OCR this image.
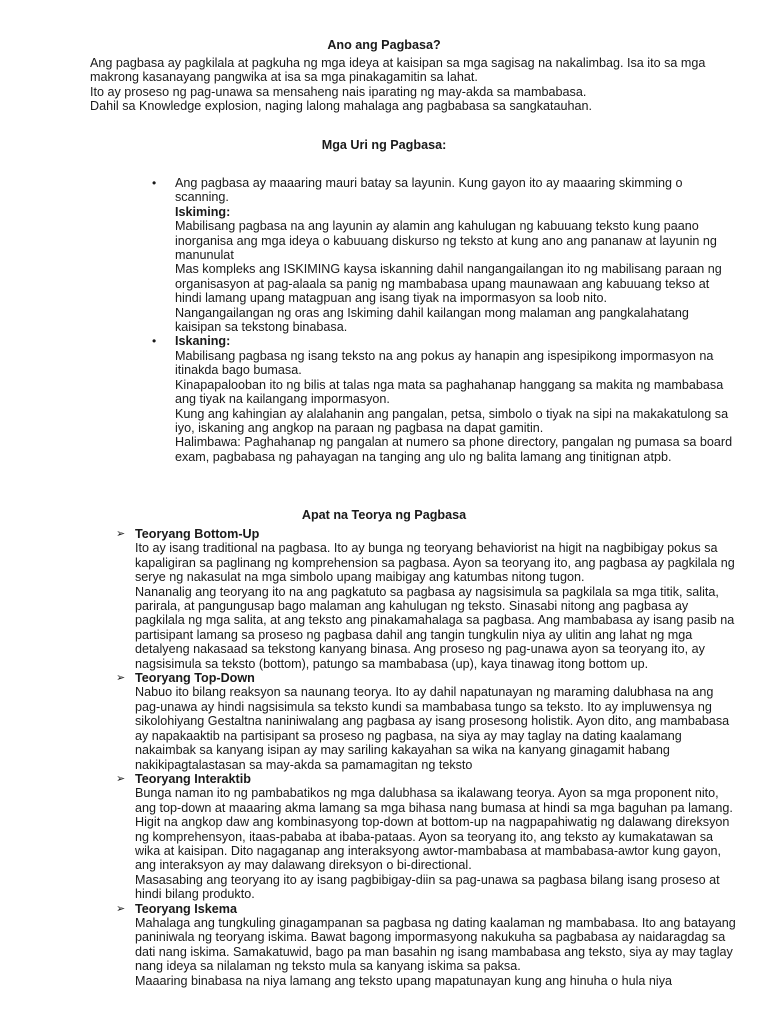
Ano ang Pagbasa?

Ang pagbasa ay pagkilala at pagkuha ng mga ideya at kaisipan sa mga sagisag na nakalimbag. Isa ito sa mga makrong kasanayang pangwika at isa sa mga pinakagamitin sa lahat.

Ito ay proseso ng pag-unawa sa mensaheng nais iparating ng may-akda sa mambabasa.

Dahil sa Knowledge explosion, naging lalong mahalaga ang pagbabasa sa sangkatauhan.

Mga Uri ng Pagbasa:
• Ang pagbasa ay maaaring mauri batay sa layunin. Kung gayon ito ay maaaring skimming o scanning.

Iskiming:

Mabilisang pagbasa na ang layunin ay alamin ang kahulugan ng kabuuang teksto kung paano inorganisa ang mga ideya o kabuuang diskurso ng teksto at kung ano ang pananaw at layunin ng manunulat

Mas kompleks ang ISKIMING kaysa iskanning dahil nangangailangan ito ng mabilisang paraan ng organisasyon at pag-alaala sa panig ng mambabasa upang maunawaan ang kabuuang tekso at hindi lamang upang matagpuan ang isang tiyak na impormasyon sa loob nito.

Nangangailangan ng oras ang Iskiming dahil kailangan mong malaman ang pangkalahatang kaisipan sa tekstong binabasa.

• Iskaning:

Mabilisang pagbasa ng isang teksto na ang pokus ay hanapin ang ispesipikong impormasyon na itinakda bago bumasa.

Kinapapalooban ito ng bilis at talas nga mata sa paghahanap hanggang sa makita ng mambabasa ang tiyak na kailangang impormasyon.

Kung ang kahingian ay alalahanin ang pangalan, petsa, simbolo o tiyak na sipi na makakatulong sa iyo, iskaning ang angkop na paraan ng pagbasa na dapat gamitin.

Halimbawa: Paghahanap ng pangalan at numero sa phone directory, pangalan ng pumasa sa board exam, pagbabasa ng pahayagan na tanging ang ulo ng balita lamang ang tinitignan atpb.

Apat na Teorya ng Pagbasa
➢ Teoryang Bottom-Up

Ito ay isang traditional na pagbasa. Ito ay bunga ng teoryang behaviorist na higit na nagbibigay pokus sa kapaligiran sa paglinang ng komprehension sa pagbasa. Ayon sa teoryang ito, ang pagbasa ay pagkilala ng serye ng nakasulat na mga simbolo upang maibigay ang katumbas nitong tugon.

Nananalig ang teoryang ito na ang pagkatuto sa pagbasa ay nagsisimula sa pagkilala sa mga titik, salita, parirala, at pangungusap bago malaman ang kahulugan ng teksto. Sinasabi nitong ang pagbasa ay pagkilala ng mga salita, at ang teksto ang pinakamahalaga sa pagbasa. Ang mambabasa ay isang pasib na partisipant lamang sa proseso ng pagbasa dahil ang tangin tungkulin niya ay ulitin ang lahat ng mga detalyeng nakasaad sa tekstong kanyang binasa. Ang proseso ng pag-unawa ayon sa teoryang ito, ay nagsisimula sa teksto (bottom), patungo sa mambabasa (up), kaya tinawag itong bottom up.

➢ Teoryang Top-Down

Nabuo ito bilang reaksyon sa naunang teorya. Ito ay dahil napatunayan ng maraming dalubhasa na ang pag-unawa ay hindi nagsisimula sa teksto kundi sa mambabasa tungo sa teksto. Ito ay impluwensya ng sikolohiyang Gestaltna naniniwalang ang pagbasa ay isang prosesong holistik. Ayon dito, ang mambabasa ay napakaaktib na partisipant sa proseso ng pagbasa, na siya ay may taglay na dating kaalamang nakaimbak sa kanyang isipan ay may sariling kakayahan sa wika na kanyang ginagamit habang nakikipagtalastasan sa may-akda sa pamamagitan ng teksto

➢ Teoryang Interaktib

Bunga naman ito ng pambabatikos ng mga dalubhasa sa ikalawang teorya. Ayon sa mga proponent nito, ang top-down at maaaring akma lamang sa mga bihasa nang bumasa at hindi sa mga baguhan pa lamang. Higit na angkop daw ang kombinasyong top-down at bottom-up na nagpapahiwatig ng dalawang direksyon ng komprehensyon, itaas-pababa at ibaba-pataas. Ayon sa teoryang ito, ang teksto ay kumakatawan sa wika at kaisipan. Dito nagaganap ang interaksyong awtor-mambabasa at mambabasa-awtor kung gayon, ang interaksyon ay may dalawang direksyon o bi-directional.

Masasabing ang teoryang ito ay isang pagbibigay-diin sa pag-unawa sa pagbasa bilang isang proseso at hindi bilang produkto.

➢ Teoryang Iskema

Mahalaga ang tungkuling ginagampanan sa pagbasa ng dating kaalaman ng mambabasa. Ito ang batayang paniniwala ng teoryang iskima. Bawat bagong impormasyong nakukuha sa pagbabasa ay naidaragdag sa dati nang iskima. Samakatuwid, bago pa man basahin ng isang mambabasa ang teksto, siya ay may taglay nang ideya sa nilalaman ng teksto mula sa kanyang iskima sa paksa.

Maaaring binabasa na niya lamang ang teksto upang mapatunayan kung ang hinuha o hula niya
